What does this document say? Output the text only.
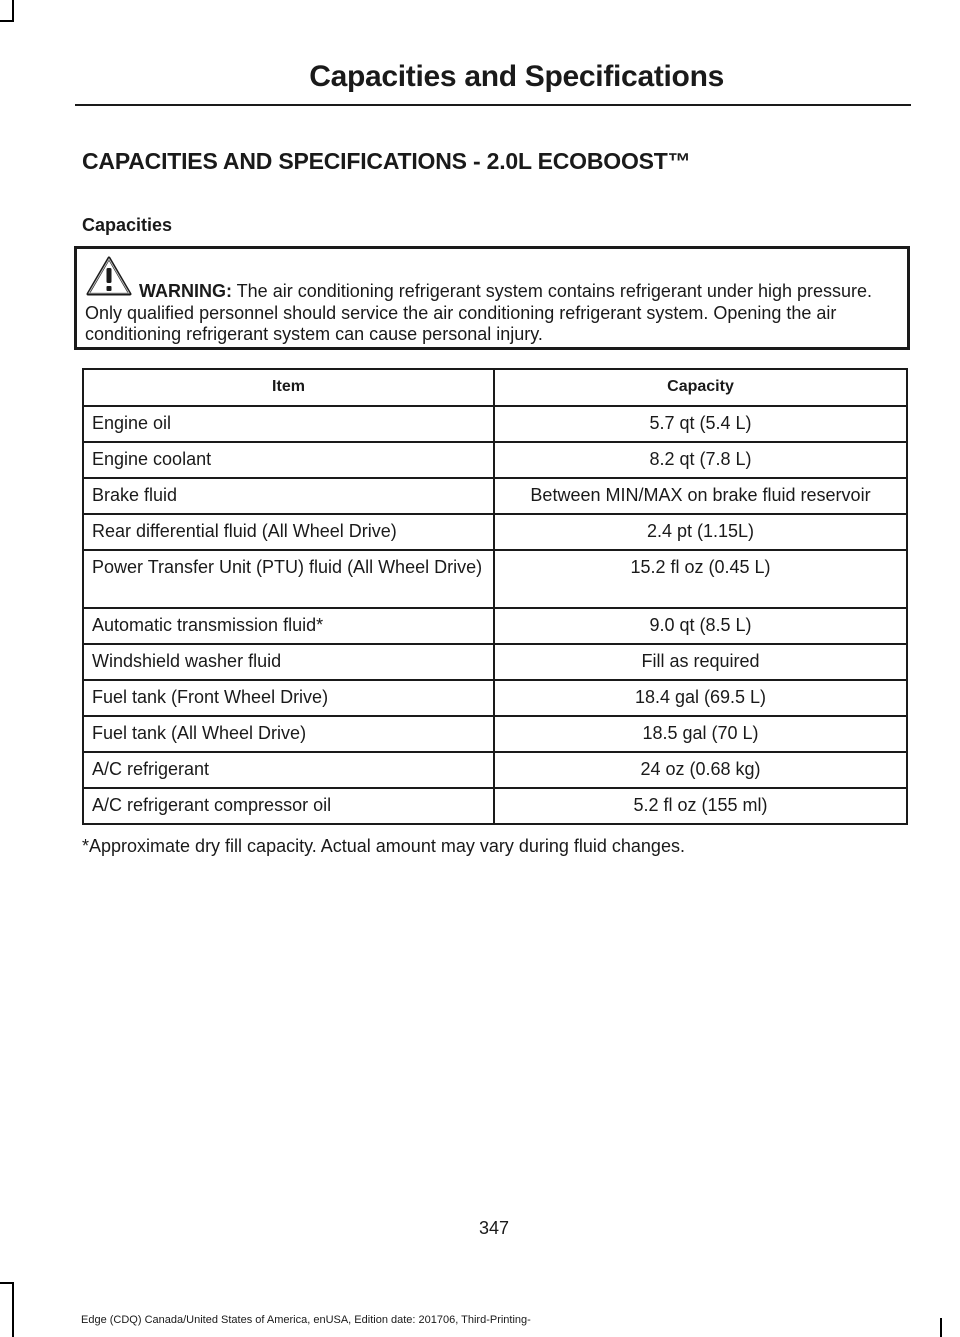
Capacities and Specifications
CAPACITIES AND SPECIFICATIONS - 2.0L ECOBOOST™
Capacities
WARNING: The air conditioning refrigerant system contains refrigerant under high pressure. Only qualified personnel should service the air conditioning refrigerant system. Opening the air conditioning refrigerant system can cause personal injury.
Item	Capacity
Engine oil	5.7 qt (5.4 L)
Engine coolant	8.2 qt (7.8 L)
Brake fluid	Between MIN/MAX on brake fluid reservoir
Rear differential fluid (All Wheel Drive)	2.4 pt (1.15L)
Power Transfer Unit (PTU) fluid (All Wheel Drive)	15.2 fl oz (0.45 L)
Automatic transmission fluid*	9.0 qt (8.5 L)
Windshield washer fluid	Fill as required
Fuel tank (Front Wheel Drive)	18.4 gal (69.5 L)
Fuel tank (All Wheel Drive)	18.5 gal (70 L)
A/C refrigerant	24 oz (0.68 kg)
A/C refrigerant compressor oil	5.2 fl oz (155 ml)
*Approximate dry fill capacity. Actual amount may vary during fluid changes.
347
Edge (CDQ) Canada/United States of America, enUSA, Edition date: 201706, Third-Printing-
